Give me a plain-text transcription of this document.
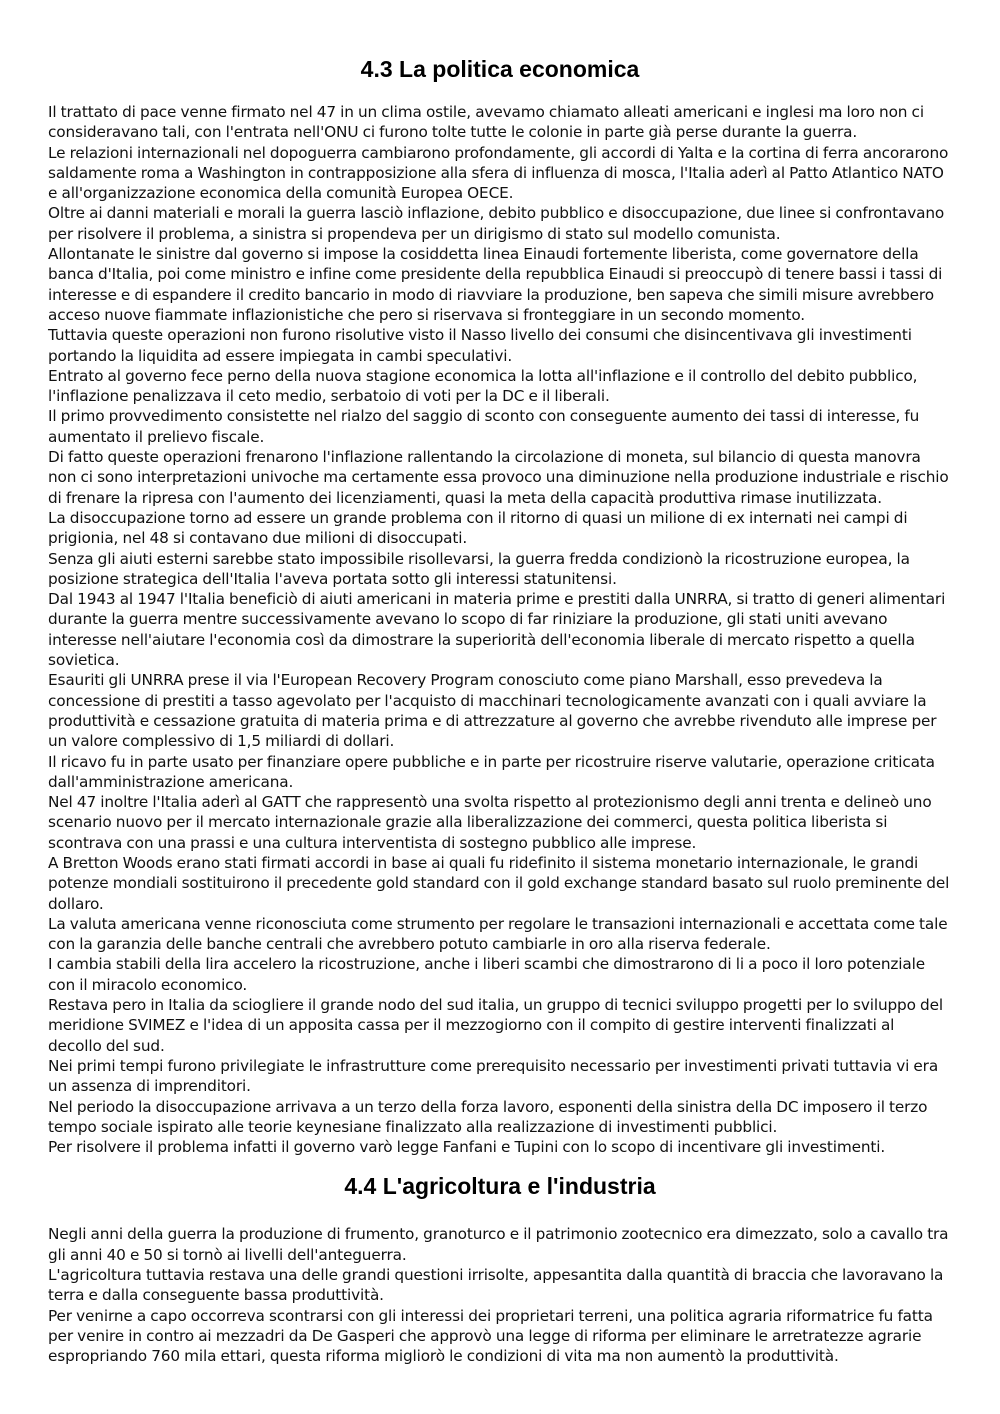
4.3 La politica economica

Il trattato di pace venne firmato nel 47 in un clima ostile, avevamo chiamato alleati americani e inglesi ma loro non ci consideravano tali, con l'entrata nell'ONU ci furono tolte tutte le colonie in parte già perse durante la guerra.

Le relazioni internazionali nel dopoguerra cambiarono profondamente, gli accordi di Yalta e la cortina di ferra ancorarono saldamente roma a Washington in contrapposizione alla sfera di influenza di mosca, l'Italia aderì al Patto Atlantico NATO e all'organizzazione economica della comunità Europea OECE.

Oltre ai danni materiali e morali la guerra lasciò inflazione, debito pubblico e disoccupazione, due linee si confrontavano per risolvere il problema, a sinistra si propendeva per un dirigismo di stato sul modello comunista.

Allontanate le sinistre dal governo si impose la cosiddetta linea Einaudi fortemente liberista, come governatore della banca d'Italia, poi come ministro e infine come presidente della repubblica Einaudi si preoccupò di tenere bassi i tassi di interesse e di espandere il credito bancario in modo di riavviare la produzione, ben sapeva che simili misure avrebbero acceso nuove fiammate inflazionistiche che pero si riservava si fronteggiare in un secondo momento.

Tuttavia queste operazioni non furono risolutive visto il Nasso livello dei consumi che disincentivava gli investimenti portando la liquidita ad essere impiegata in cambi speculativi.

Entrato al governo fece perno della nuova stagione economica la lotta all'inflazione e il controllo del debito pubblico, l'inflazione penalizzava il ceto medio, serbatoio di voti per la DC e il liberali.

Il primo provvedimento consistette nel rialzo del saggio di sconto con conseguente aumento dei tassi di interesse, fu aumentato il prelievo fiscale.

Di fatto queste operazioni frenarono l'inflazione rallentando la circolazione di moneta, sul bilancio di questa manovra non ci sono interpretazioni univoche ma certamente essa provoco una diminuzione nella produzione industriale e rischio di frenare la ripresa con l'aumento dei licenziamenti, quasi la meta della capacità produttiva rimase inutilizzata.

La disoccupazione torno ad essere un grande problema con il ritorno di quasi un milione di ex internati nei campi di prigionia, nel 48 si contavano due milioni di disoccupati.

Senza gli aiuti esterni sarebbe stato impossibile risollevarsi, la guerra fredda condizionò la ricostruzione europea, la posizione strategica dell'Italia l'aveva portata sotto gli interessi statunitensi.

Dal 1943 al 1947 l'Italia beneficiò di aiuti americani in materia prime e prestiti dalla UNRRA, si tratto di generi alimentari durante la guerra mentre successivamente avevano lo scopo di far riniziare la produzione, gli stati uniti avevano interesse nell'aiutare l'economia così da dimostrare la superiorità dell'economia liberale di mercato rispetto a quella sovietica.

Esauriti gli UNRRA prese il via l'European Recovery Program conosciuto come piano Marshall, esso prevedeva la concessione di prestiti a tasso agevolato per l'acquisto di macchinari tecnologicamente avanzati con i quali avviare la produttività e cessazione gratuita di materia prima e di attrezzature al governo che avrebbe rivenduto alle imprese per un valore complessivo di 1,5 miliardi di dollari.

Il ricavo fu in parte usato per finanziare opere pubbliche e in parte per ricostruire riserve valutarie, operazione criticata dall'amministrazione americana.

Nel 47 inoltre l'Italia aderì al GATT che rappresentò una svolta rispetto al protezionismo degli anni trenta e delineò uno scenario nuovo per il mercato internazionale grazie alla liberalizzazione dei commerci, questa politica liberista si scontrava con una prassi e una cultura interventista di sostegno pubblico alle imprese.

A Bretton Woods erano stati firmati accordi in base ai quali fu ridefinito il sistema monetario internazionale, le grandi potenze mondiali sostituirono il precedente gold standard con il gold exchange standard basato sul ruolo preminente del dollaro.

La valuta americana venne riconosciuta come strumento per regolare le transazioni internazionali e accettata come tale con la garanzia delle banche centrali che avrebbero potuto cambiarle in oro alla riserva federale.

I cambia stabili della lira accelero la ricostruzione, anche i liberi scambi che dimostrarono di li a poco il loro potenziale con il miracolo economico.

Restava pero in Italia da sciogliere il grande nodo del sud italia, un gruppo di tecnici sviluppo progetti per lo sviluppo del meridione SVIMEZ e l'idea di un apposita cassa per il mezzogiorno con il compito di gestire interventi finalizzati al decollo del sud.

Nei primi tempi furono privilegiate le infrastrutture come prerequisito necessario per investimenti privati tuttavia vi era un assenza di imprenditori.

Nel periodo la disoccupazione arrivava a un terzo della forza lavoro, esponenti della sinistra della DC imposero il terzo tempo sociale ispirato alle teorie keynesiane finalizzato alla realizzazione di investimenti pubblici.

Per risolvere il problema infatti il governo varò legge Fanfani e Tupini con lo scopo di incentivare gli investimenti.

4.4 L'agricoltura e l'industria

Negli anni della guerra la produzione di frumento, granoturco e il patrimonio zootecnico era dimezzato, solo a cavallo tra gli anni 40 e 50 si tornò ai livelli dell'anteguerra.

L'agricoltura tuttavia restava una delle grandi questioni irrisolte, appesantita dalla quantità di braccia che lavoravano la terra e dalla conseguente bassa produttività.

Per venirne a capo occorreva scontrarsi con gli interessi dei proprietari terreni, una politica agraria riformatrice fu fatta per venire in contro ai mezzadri da De Gasperi che approvò una legge di riforma per eliminare le arretratezze agrarie espropriando 760 mila ettari, questa riforma migliorò le condizioni di vita ma non aumentò la produttività.
